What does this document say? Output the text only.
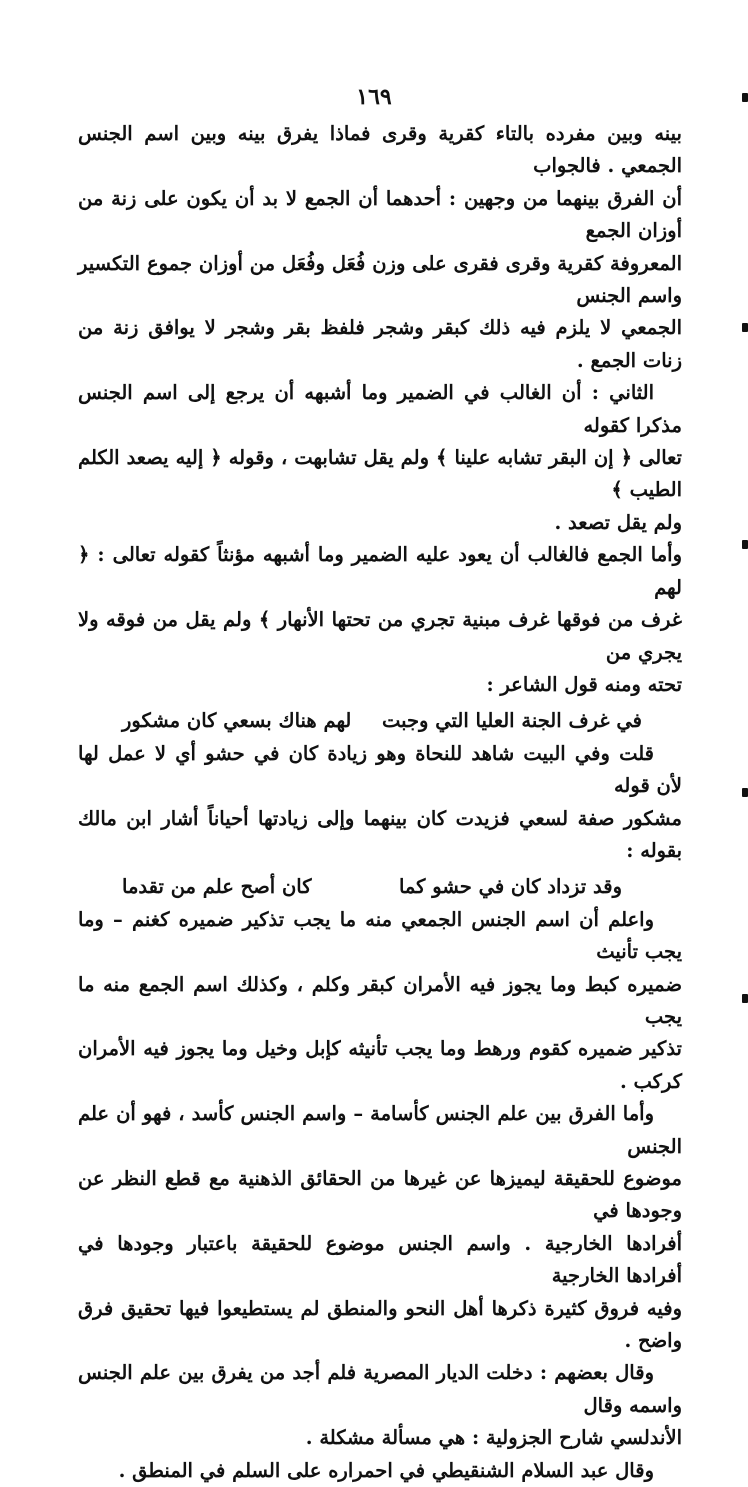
١٦٩

بينه وبين مفرده بالتاء كقرية وقرى فماذا يفرق بينه وبين اسم الجنس الجمعي . فالجواب

أن الفرق بينهما من وجهين : أحدهما أن الجمع لا بد أن يكون على زنة من أوزان الجمع

المعروفة كقرية وقرى فقرى على وزن فُعَل وفُعَل من أوزان جموع التكسير واسم الجنس

الجمعي لا يلزم فيه ذلك كبقر وشجر فلفظ بقر وشجر لا يوافق زنة من زنات الجمع .

الثاني : أن الغالب في الضمير وما أشبهه أن يرجع إلى اسم الجنس مذكرا كقوله

تعالى ﴿ إن البقر تشابه علينا ﴾ ولم يقل تشابهت ، وقوله ﴿ إليه يصعد الكلم الطيب ﴾

ولم يقل تصعد .

وأما الجمع فالغالب أن يعود عليه الضمير وما أشبهه مؤنثاً كقوله تعالى : ﴿ لهم

غرف من فوقها غرف مبنية تجري من تحتها الأنهار ﴾ ولم يقل من فوقه ولا يجري من

تحته ومنه قول الشاعر :

في غرف الجنة العليا التي وجبت
لهم هناك بسعي كان مشكور

قلت وفي البيت شاهد للنحاة وهو زيادة كان في حشو أي لا عمل لها لأن قوله

مشكور صفة لسعي فزيدت كان بينهما وإلى زيادتها أحياناً أشار ابن مالك بقوله :

وقد تزداد كان في حشو كما
كان أصح علم من تقدما

واعلم أن اسم الجنس الجمعي منه ما يجب تذكير ضميره كغنم – وما يجب تأنيث

ضميره كبط وما يجوز فيه الأمران كبقر وكلم ، وكذلك اسم الجمع منه ما يجب

تذكير ضميره كقوم ورهط وما يجب تأنيثه كإبل وخيل وما يجوز فيه الأمران كركب .

وأما الفرق بين علم الجنس كأسامة – واسم الجنس كأسد ، فهو أن علم الجنس

موضوع للحقيقة ليميزها عن غيرها من الحقائق الذهنية مع قطع النظر عن وجودها في

أفرادها الخارجية . واسم الجنس موضوع للحقيقة باعتبار وجودها في أفرادها الخارجية

وفيه فروق كثيرة ذكرها أهل النحو والمنطق لم يستطيعوا فيها تحقيق فرق واضح .

وقال بعضهم : دخلت الديار المصرية فلم أجد من يفرق بين علم الجنس واسمه وقال

الأندلسي شارح الجزولية : هي مسألة مشكلة .

وقال عبد السلام الشنقيطي في احمراره على السلم في المنطق .
